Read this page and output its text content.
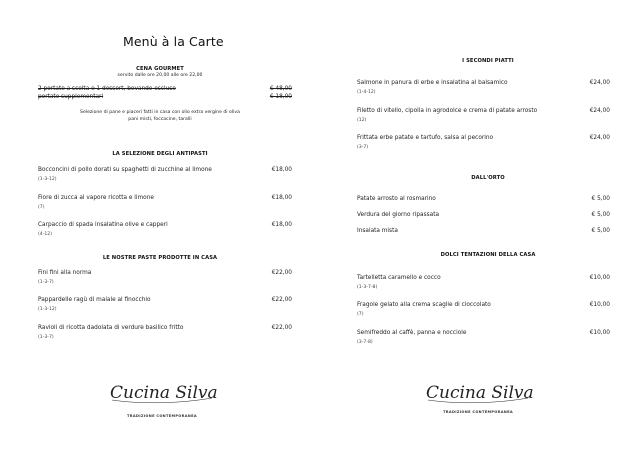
Menù à la Carte
CENA GOURMET
servito dalle ore 20,00 alle ore 22,00
2 portate a scelta e 1 dessert, bevande escluse	€ 48,00
portate supplementari	€ 18,00
Selezione di pane e piaceri fatti in casa con olio extra vergine di oliva
pani misti, foccacine, taralli
LA SELEZIONE DEGLI ANTIPASTI
Bocconcini di pollo dorati su spaghetti di zucchine al limone
(1-3-12)
€18,00
Fiore di zucca al vapore ricotta e limone
(7)
€18,00
Carpaccio di spada insalatina olive e capperi
(4-12)
€18,00
LE NOSTRE PASTE PRODOTTE IN CASA
Fini fini alla norma
(1-3-7)
€22,00
Pappardelle ragù di maiale al finocchio
(1-3-12)
€22,00
Ravioli di ricotta dadolata di verdure basilico fritto
(1-3-7)
€22,00
Cucina Silva
TRADIZIONE CONTEMPORANEA
I SECONDI PIATTI
Salmone in panura di erbe e insalatina al balsamico
(1-4-12)
€24,00
Filetto di vitello, cipolla in agrodolce e crema di patate arrosto
(12)
€24,00
Frittata erbe patate e tartufo, salsa al pecorino
(3-7)
€24,00
DALL'ORTO
Patate arrosto al rosmarino	€ 5,00
Verdura del giorno ripassata	€ 5,00
Insalata mista	€ 5,00
DOLCI TENTAZIONI DELLA CASA
Tartelletta caramello e cocco
(1-3-7-8)
€10,00
Fragole gelato alla crema scaglie di cioccolato
(7)
€10,00
Semifreddo al caffè, panna e nocciole
(3-7-8)
€10,00
Cucina Silva
TRADIZIONE CONTEMPORANEA
